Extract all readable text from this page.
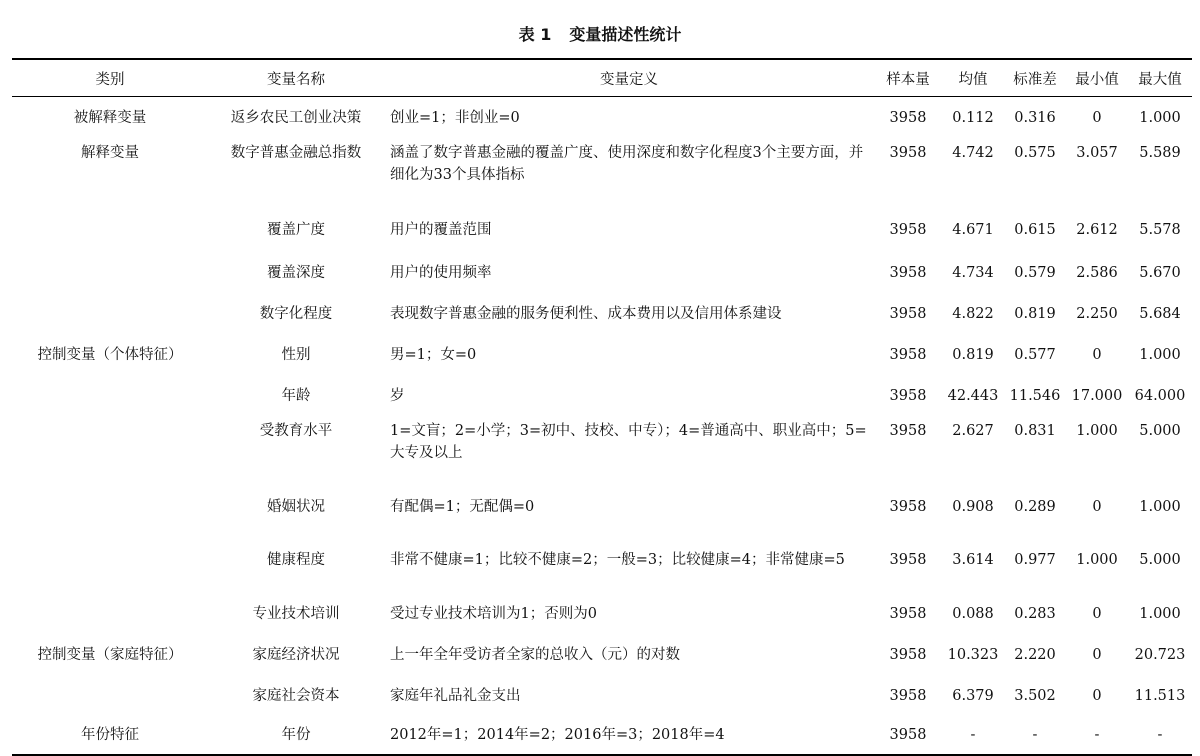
表 1 变量描述性统计
类别	变量名称	变量定义	样本量	均值	标准差	最小值	最大值
被解释变量	返乡农民工创业决策	创业=1；非创业=0	3958	0.112	0.316	0	1.000
解释变量	数字普惠金融总指数	涵盖了数字普惠金融的覆盖广度、使用深度和数字化程度3个主要方面，并细化为33个具体指标	3958	4.742	0.575	3.057	5.589
	覆盖广度	用户的覆盖范围	3958	4.671	0.615	2.612	5.578
	覆盖深度	用户的使用频率	3958	4.734	0.579	2.586	5.670
	数字化程度	表现数字普惠金融的服务便利性、成本费用以及信用体系建设	3958	4.822	0.819	2.250	5.684
控制变量（个体特征）	性别	男=1；女=0	3958	0.819	0.577	0	1.000
	年龄	岁	3958	42.443	11.546	17.000	64.000
	受教育水平	1=文盲；2=小学；3=初中、技校、中专）；4=普通高中、职业高中；5=大专及以上	3958	2.627	0.831	1.000	5.000
	婚姻状况	有配偶=1；无配偶=0	3958	0.908	0.289	0	1.000
	健康程度	非常不健康=1；比较不健康=2；一般=3；比较健康=4；非常健康=5	3958	3.614	0.977	1.000	5.000
	专业技术培训	受过专业技术培训为1；否则为0	3958	0.088	0.283	0	1.000
控制变量（家庭特征）	家庭经济状况	上一年全年受访者全家的总收入（元）的对数	3958	10.323	2.220	0	20.723
	家庭社会资本	家庭年礼品礼金支出	3958	6.379	3.502	0	11.513
年份特征	年份	2012年=1；2014年=2；2016年=3；2018年=4	3958	-	-	-	-
